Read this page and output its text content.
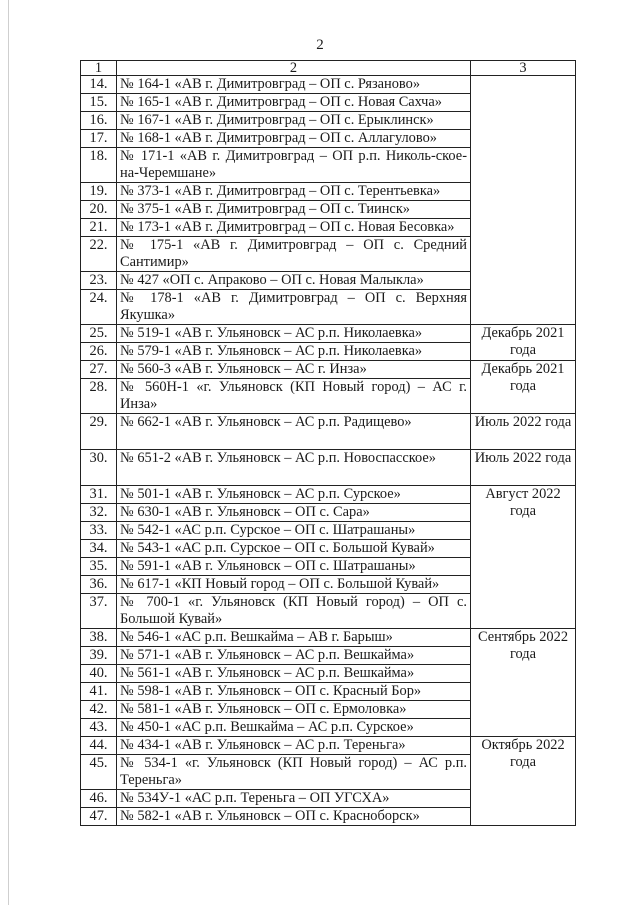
2
1	2	3
14.	№ 164-1 «АВ г. Димитровград – ОП с. Рязаново»	
15.	№ 165-1 «АВ г. Димитровград – ОП с. Новая Сахча»	
16.	№ 167-1 «АВ г. Димитровград – ОП с. Ерыклинск»	
17.	№ 168-1 «АВ г. Димитровград – ОП с. Аллагулово»	
18.	№ 171-1 «АВ г. Димитровград – ОП р.п. Николь-ское-на-Черемшане»	
19.	№ 373-1 «АВ г. Димитровград – ОП с. Терентьевка»	
20.	№ 375-1 «АВ г. Димитровград – ОП с. Тиинск»	
21.	№ 173-1 «АВ г. Димитровград – ОП с. Новая Бесовка»	
22.	№ 175-1 «АВ г. Димитровград – ОП с. Средний Сантимир»	
23.	№ 427 «ОП с. Апраково – ОП с. Новая Малыкла»	
24.	№ 178-1 «АВ г. Димитровград – ОП с. Верхняя Якушка»	
25.	№ 519-1 «АВ г. Ульяновск – АС р.п. Николаевка»	Декабрь 2021 года
26.	№ 579-1 «АВ г. Ульяновск – АС р.п. Николаевка»	
27.	№ 560-3 «АВ г. Ульяновск – АС г. Инза»	Декабрь 2021 года
28.	№ 560Н-1 «г. Ульяновск (КП Новый город) – АС г. Инза»	
29.	№ 662-1 «АВ г. Ульяновск – АС р.п. Радищево»	Июль 2022 года
30.	№ 651-2 «АВ г. Ульяновск – АС р.п. Новоспасское»	Июль 2022 года
31.	№ 501-1 «АВ г. Ульяновск – АС р.п. Сурское»	Август 2022 года
32.	№ 630-1 «АВ г. Ульяновск – ОП с. Сара»	
33.	№ 542-1 «АС р.п. Сурское – ОП с. Шатрашаны»	
34.	№ 543-1 «АС р.п. Сурское – ОП с. Большой Кувай»	
35.	№ 591-1 «АВ г. Ульяновск – ОП с. Шатрашаны»	
36.	№ 617-1 «КП Новый город – ОП с. Большой Кувай»	
37.	№ 700-1 «г. Ульяновск (КП Новый город) – ОП с. Большой Кувай»	
38.	№ 546-1 «АС р.п. Вешкайма – АВ г. Барыш»	Сентябрь 2022 года
39.	№ 571-1 «АВ г. Ульяновск – АС р.п. Вешкайма»	
40.	№ 561-1 «АВ г. Ульяновск – АС р.п. Вешкайма»	
41.	№ 598-1 «АВ г. Ульяновск – ОП с. Красный Бор»	
42.	№ 581-1 «АВ г. Ульяновск – ОП с. Ермоловка»	
43.	№ 450-1 «АС р.п. Вешкайма – АС р.п. Сурское»	
44.	№ 434-1 «АВ г. Ульяновск – АС р.п. Тереньга»	Октябрь 2022 года
45.	№ 534-1 «г. Ульяновск (КП Новый город) – АС р.п. Тереньга»	
46.	№ 534У-1 «АС р.п. Тереньга – ОП УГСХА»	
47.	№ 582-1 «АВ г. Ульяновск – ОП с. Красноборск»	
